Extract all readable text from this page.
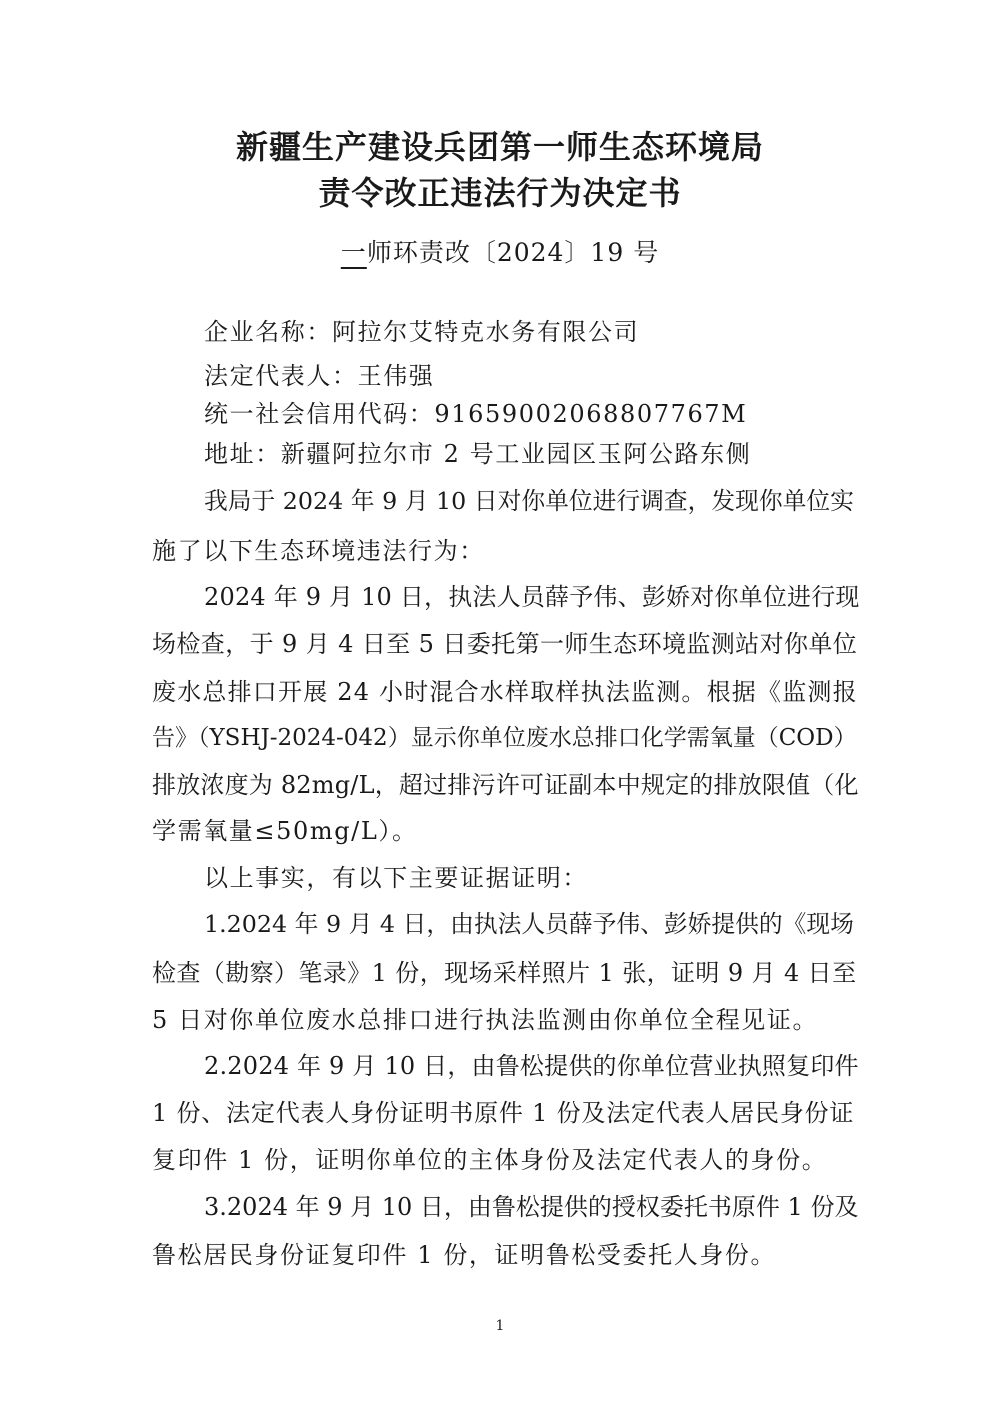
新疆生产建设兵团第一师生态环境局
责令改正违法行为决定书
一师环责改〔2024〕19 号
企业名称：阿拉尔艾特克水务有限公司
法定代表人：王伟强
统一社会信用代码：91659002068807767M
地址：新疆阿拉尔市 2 号工业园区玉阿公路东侧
我局于 2024 年 9 月 10 日对你单位进行调查，发现你单位实
施了以下生态环境违法行为：
2024 年 9 月 10 日，执法人员薛予伟、彭娇对你单位进行现
场检查，于 9 月 4 日至 5 日委托第一师生态环境监测站对你单位
废水总排口开展 24 小时混合水样取样执法监测。根据《监测报
告》（YSHJ-2024-042）显示你单位废水总排口化学需氧量（COD）
排放浓度为 82mg/L，超过排污许可证副本中规定的排放限值（化
学需氧量≤50mg/L）。
以上事实，有以下主要证据证明：
1.2024 年 9 月 4 日，由执法人员薛予伟、彭娇提供的《现场
检查（勘察）笔录》1 份，现场采样照片 1 张，证明 9 月 4 日至
5 日对你单位废水总排口进行执法监测由你单位全程见证。
2.2024 年 9 月 10 日，由鲁松提供的你单位营业执照复印件
1 份、法定代表人身份证明书原件 1 份及法定代表人居民身份证
复印件 1 份，证明你单位的主体身份及法定代表人的身份。
3.2024 年 9 月 10 日，由鲁松提供的授权委托书原件 1 份及
鲁松居民身份证复印件 1 份，证明鲁松受委托人身份。
1
